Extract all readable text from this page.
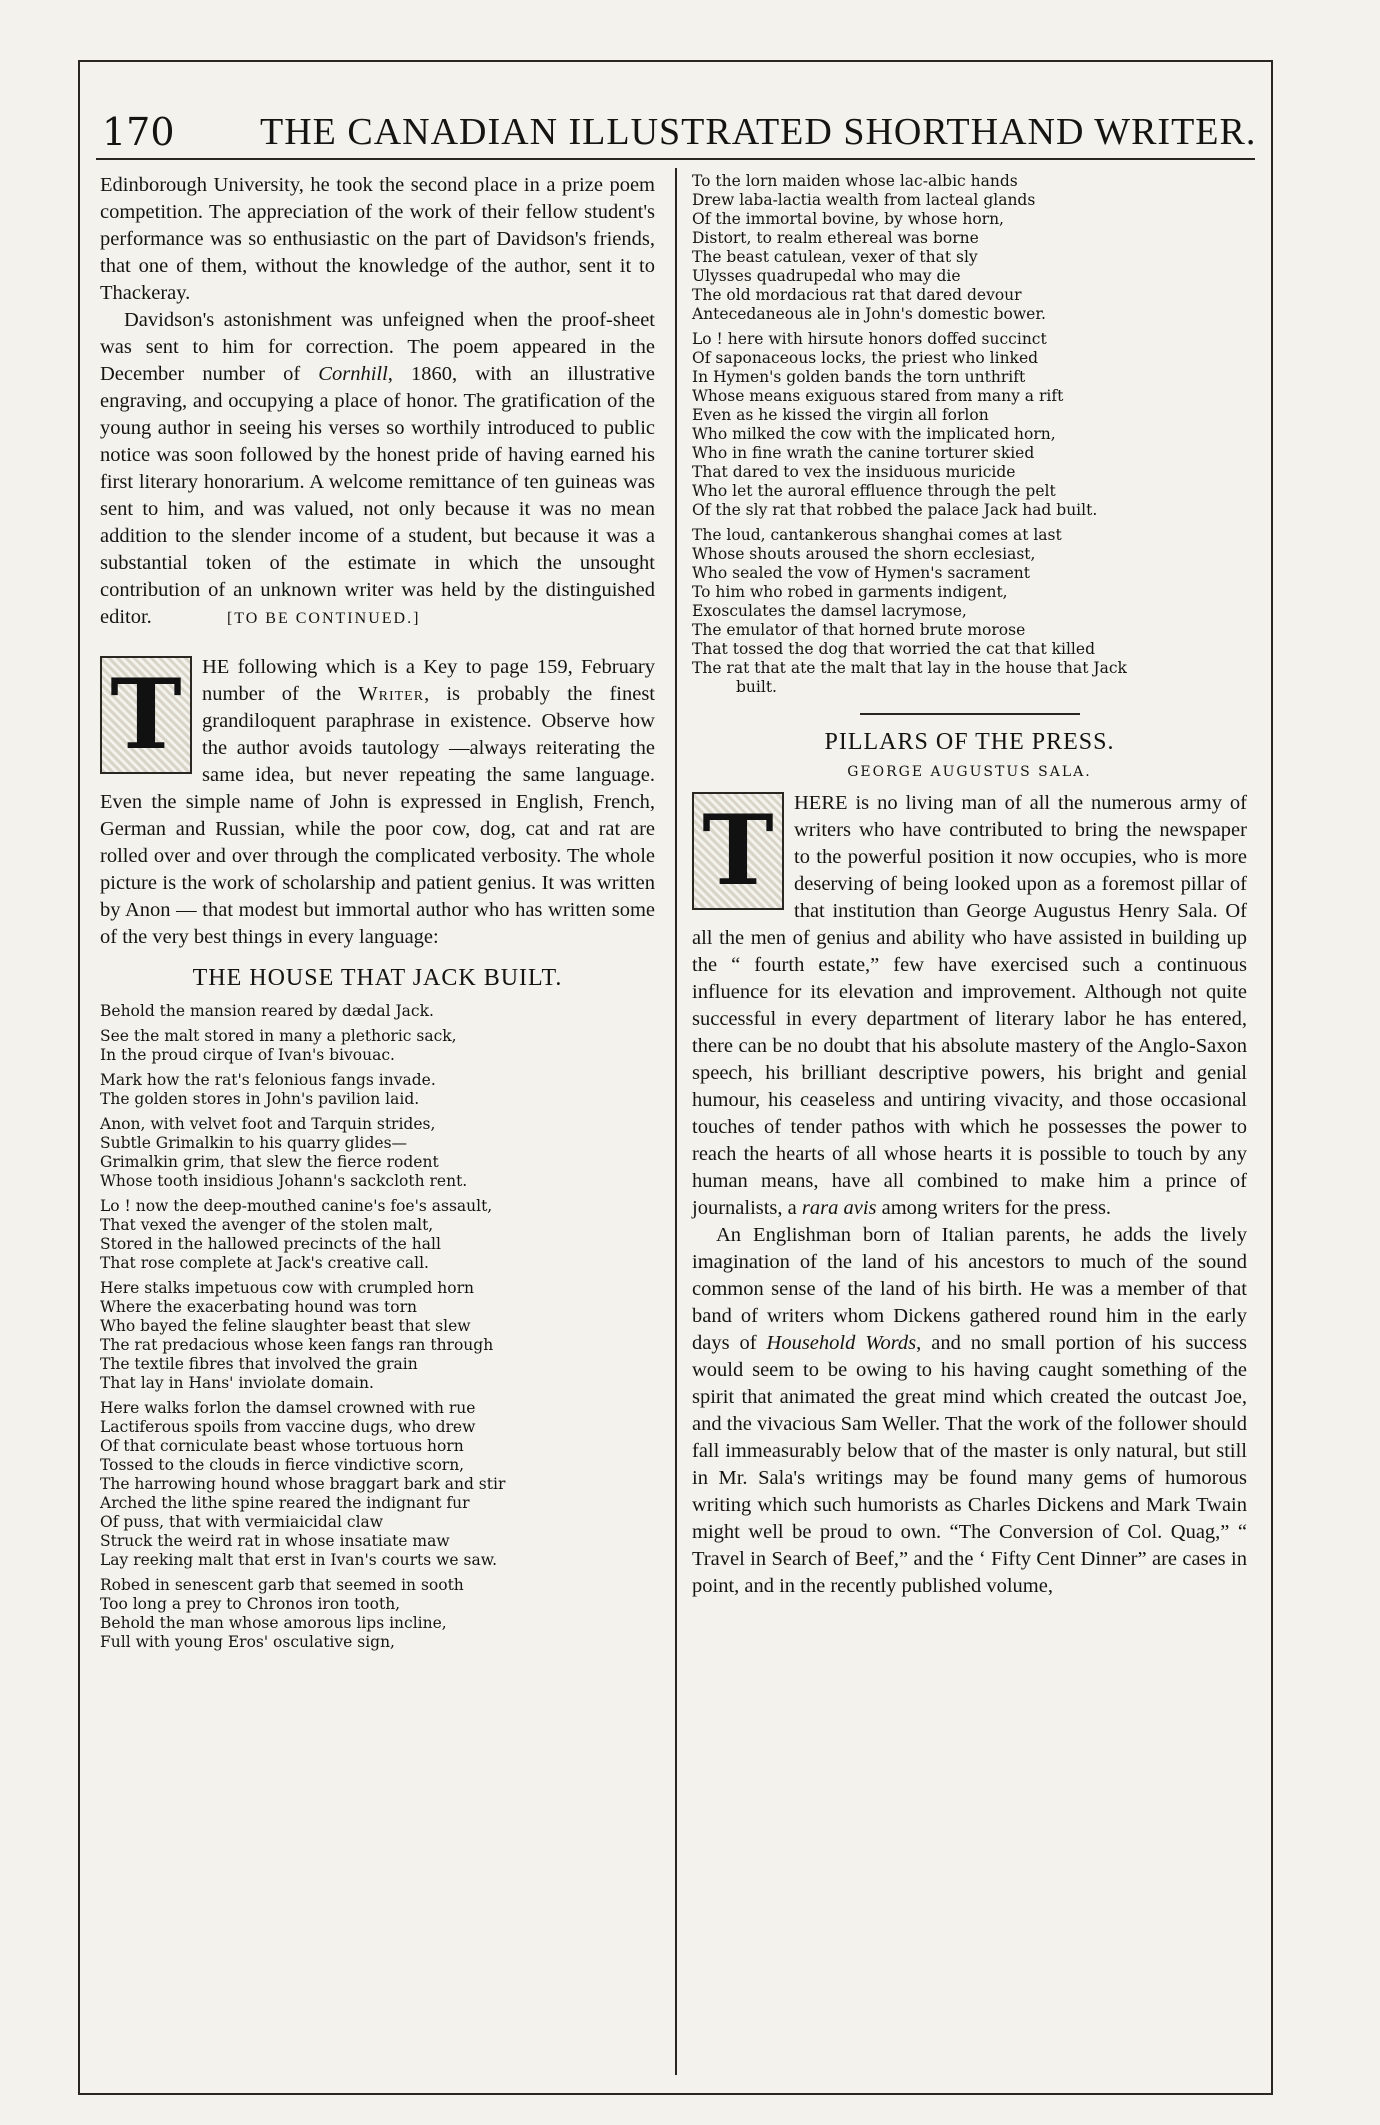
170 THE CANADIAN ILLUSTRATED SHORTHAND WRITER.

Edinborough University, he took the second place in a prize poem competition. The appreciation of the work of their fellow student's performance was so enthusiastic on the part of Davidson's friends, that one of them, without the knowledge of the author, sent it to Thackeray.

Davidson's astonishment was unfeigned when the proof-sheet was sent to him for correction. The poem appeared in the December number of Cornhill, 1860, with an illustrative engraving, and occupying a place of honor. The gratification of the young author in seeing his verses so worthily introduced to public notice was soon followed by the honest pride of having earned his first literary honorarium. A welcome remittance of ten guineas was sent to him, and was valued, not only because it was no mean addition to the slender income of a student, but because it was a substantial token of the estimate in which the unsought contribution of an unknown writer was held by the distinguished editor.	[TO BE CONTINUED.]

T HE following which is a Key to page 159, February number of the Writer, is probably the finest grandiloquent paraphrase in existence. Observe how the author avoids tautology —always reiterating the same idea, but never repeating the same language. Even the simple name of John is expressed in English, French, German and Russian, while the poor cow, dog, cat and rat are rolled over and over through the complicated verbosity. The whole picture is the work of scholarship and patient genius. It was written by Anon — that modest but immortal author who has written some of the very best things in every language:

THE HOUSE THAT JACK BUILT.
Behold the mansion reared by dædal Jack.
See the malt stored in many a plethoric sack,
In the proud cirque of Ivan's bivouac.
Mark how the rat's felonious fangs invade.
The golden stores in John's pavilion laid.
Anon, with velvet foot and Tarquin strides,
Subtle Grimalkin to his quarry glides—
Grimalkin grim, that slew the fierce rodent
Whose tooth insidious Johann's sackcloth rent.
Lo ! now the deep-mouthed canine's foe's assault,
That vexed the avenger of the stolen malt,
Stored in the hallowed precincts of the hall
That rose complete at Jack's creative call.
Here stalks impetuous cow with crumpled horn
Where the exacerbating hound was torn
Who bayed the feline slaughter beast that slew
The rat predacious whose keen fangs ran through
The textile fibres that involved the grain
That lay in Hans' inviolate domain.
Here walks forlon the damsel crowned with rue
Lactiferous spoils from vaccine dugs, who drew
Of that corniculate beast whose tortuous horn
Tossed to the clouds in fierce vindictive scorn,
The harrowing hound whose braggart bark and stir
Arched the lithe spine reared the indignant fur
Of puss, that with vermiaicidal claw
Struck the weird rat in whose insatiate maw
Lay reeking malt that erst in Ivan's courts we saw.
Robed in senescent garb that seemed in sooth
Too long a prey to Chronos iron tooth,
Behold the man whose amorous lips incline,
Full with young Eros' osculative sign,
To the lorn maiden whose lac-albic hands
Drew laba-lactia wealth from lacteal glands
Of the immortal bovine, by whose horn,
Distort, to realm ethereal was borne
The beast catulean, vexer of that sly
Ulysses quadrupedal who may die
The old mordacious rat that dared devour
Antecedaneous ale in John's domestic bower.
Lo ! here with hirsute honors doffed succinct
Of saponaceous locks, the priest who linked
In Hymen's golden bands the torn unthrift
Whose means exiguous stared from many a rift
Even as he kissed the virgin all forlon
Who milked the cow with the implicated horn,
Who in fine wrath the canine torturer skied
That dared to vex the insiduous muricide
Who let the auroral effluence through the pelt
Of the sly rat that robbed the palace Jack had built.
The loud, cantankerous shanghai comes at last
Whose shouts aroused the shorn ecclesiast,
Who sealed the vow of Hymen's sacrament
To him who robed in garments indigent,
Exosculates the damsel lacrymose,
The emulator of that horned brute morose
That tossed the dog that worried the cat that killed
The rat that ate the malt that lay in the house that Jack
built.
PILLARS OF THE PRESS.
GEORGE AUGUSTUS SALA.
T HERE is no living man of all the numerous army of writers who have contributed to bring the newspaper to the powerful position it now occupies, who is more deserving of being looked upon as a foremost pillar of that institution than George Augustus Henry Sala. Of all the men of genius and ability who have assisted in building up the “ fourth estate,” few have exercised such a continuous influence for its elevation and improvement. Although not quite successful in every department of literary labor he has entered, there can be no doubt that his absolute mastery of the Anglo-Saxon speech, his brilliant descriptive powers, his bright and genial humour, his ceaseless and untiring vivacity, and those occasional touches of tender pathos with which he possesses the power to reach the hearts of all whose hearts it is possible to touch by any human means, have all combined to make him a prince of journalists, a rara avis among writers for the press.

An Englishman born of Italian parents, he adds the lively imagination of the land of his ancestors to much of the sound common sense of the land of his birth. He was a member of that band of writers whom Dickens gathered round him in the early days of Household Words, and no small portion of his success would seem to be owing to his having caught something of the spirit that animated the great mind which created the outcast Joe, and the vivacious Sam Weller. That the work of the follower should fall immeasurably below that of the master is only natural, but still in Mr. Sala's writings may be found many gems of humorous writing which such humorists as Charles Dickens and Mark Twain might well be proud to own. “The Conversion of Col. Quag,” “ Travel in Search of Beef,” and the ‘ Fifty Cent Dinner” are cases in point, and in the recently published volume,
